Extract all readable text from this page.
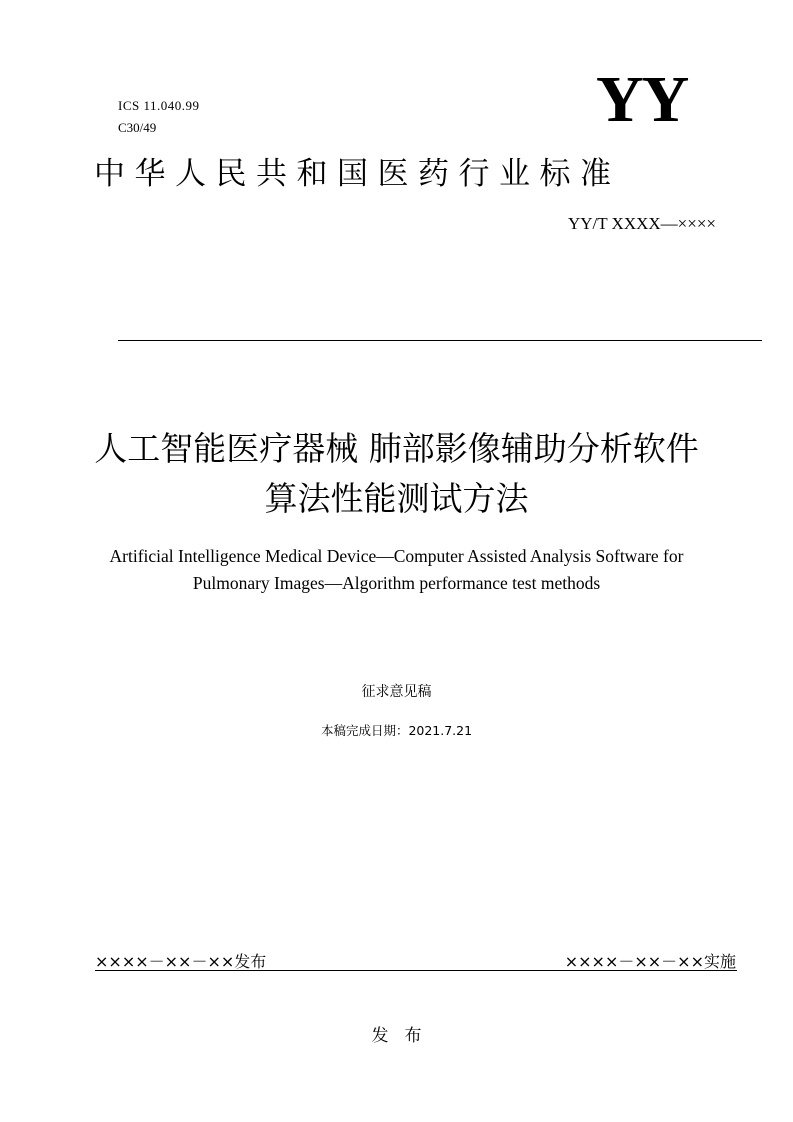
ICS 11.040.99
C30/49	YY
中华人民共和国医药行业标准
YY/T XXXX—××××
人工智能医疗器械 肺部影像辅助分析软件
算法性能测试方法
Artificial Intelligence Medical Device—Computer Assisted Analysis Software for
Pulmonary Images—Algorithm performance test methods
征求意见稿
本稿完成日期：2021.7.21
××××－××－××发布	××××－××－××实施
发布
